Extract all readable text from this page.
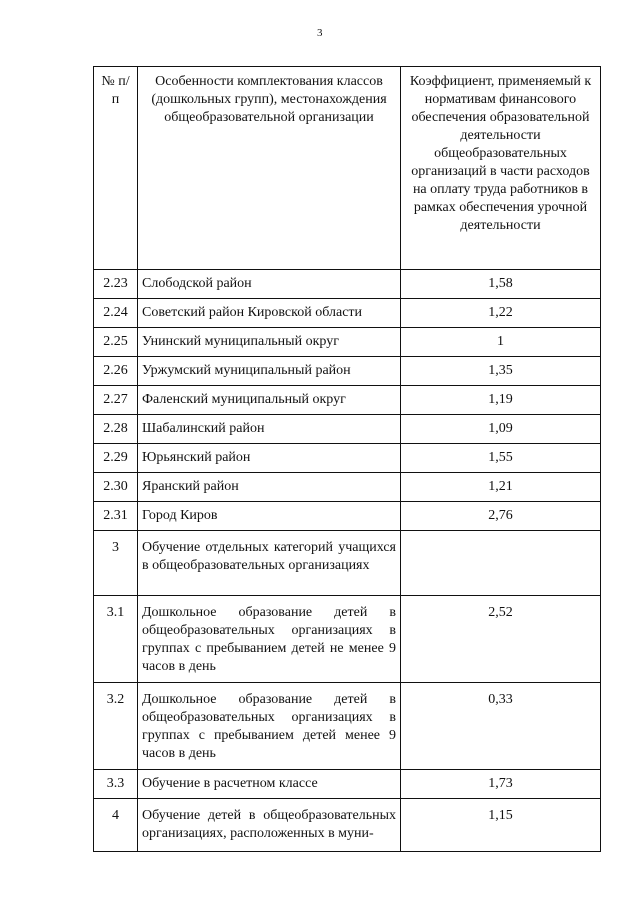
3
№ п/п	Особенности комплектования классов (дошкольных групп), местонахождения общеобразовательной организации	Коэффициент, применяемый к нормативам финансового обеспечения образовательной деятельности общеобразовательных организаций в части расходов на оплату труда работников в рамках обеспечения урочной деятельности
2.23	Слободской район	1,58
2.24	Советский район Кировской области	1,22
2.25	Унинский муниципальный округ	1
2.26	Уржумский муниципальный район	1,35
2.27	Фаленский муниципальный округ	1,19
2.28	Шабалинский район	1,09
2.29	Юрьянский район	1,55
2.30	Яранский район	1,21
2.31	Город Киров	2,76
3	Обучение отдельных категорий учащихся в общеобразовательных организациях	
3.1	Дошкольное образование детей в общеобразовательных организациях в группах с пребыванием детей не менее 9 часов в день	2,52
3.2	Дошкольное образование детей в общеобразовательных организациях в группах с пребыванием детей менее 9 часов в день	0,33
3.3	Обучение в расчетном классе	1,73
4	Обучение детей в общеобразовательных организациях, расположенных в муни-	1,15
